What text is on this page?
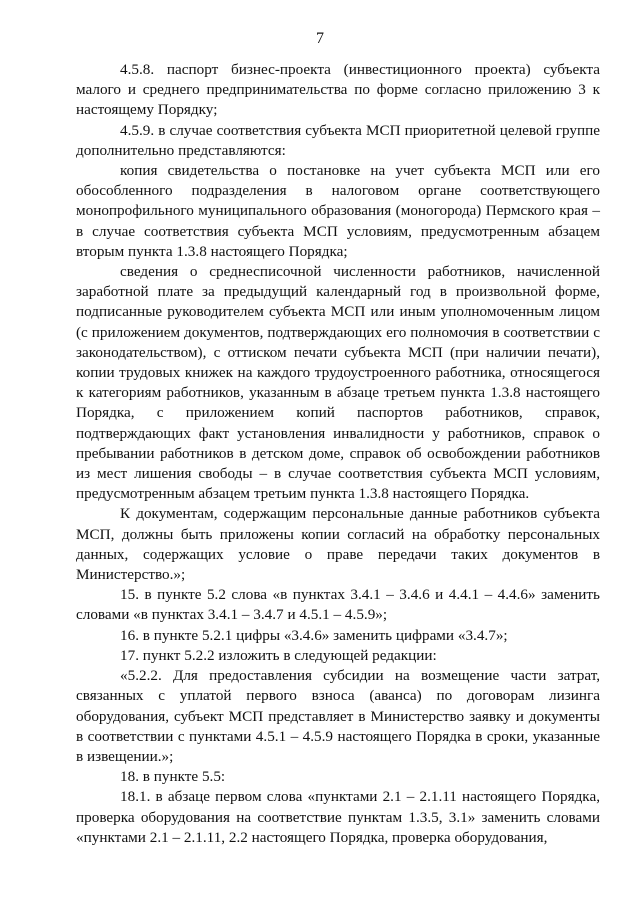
7

4.5.8. паспорт бизнес-проекта (инвестиционного проекта) субъекта малого и среднего предпринимательства по форме согласно приложению 3 к настоящему Порядку;

4.5.9. в случае соответствия субъекта МСП приоритетной целевой группе дополнительно представляются:

копия свидетельства о постановке на учет субъекта МСП или его обособленного подразделения в налоговом органе соответствующего монопрофильного муниципального образования (моногорода) Пермского края – в случае соответствия субъекта МСП условиям, предусмотренным абзацем вторым пункта 1.3.8 настоящего Порядка;

сведения о среднесписочной численности работников, начисленной заработной плате за предыдущий календарный год в произвольной форме, подписанные руководителем субъекта МСП или иным уполномоченным лицом (с приложением документов, подтверждающих его полномочия в соответствии с законодательством), с оттиском печати субъекта МСП (при наличии печати), копии трудовых книжек на каждого трудоустроенного работника, относящегося к категориям работников, указанным в абзаце третьем пункта 1.3.8 настоящего Порядка, с приложением копий паспортов работников, справок, подтверждающих факт установления инвалидности у работников, справок о пребывании работников в детском доме, справок об освобождении работников из мест лишения свободы – в случае соответствия субъекта МСП условиям, предусмотренным абзацем третьим пункта 1.3.8 настоящего Порядка.

К документам, содержащим персональные данные работников субъекта МСП, должны быть приложены копии согласий на обработку персональных данных, содержащих условие о праве передачи таких документов в Министерство.»;

15. в пункте 5.2 слова «в пунктах 3.4.1 – 3.4.6 и 4.4.1 – 4.4.6» заменить словами «в пунктах 3.4.1 – 3.4.7 и 4.5.1 – 4.5.9»;

16. в пункте 5.2.1 цифры «3.4.6» заменить цифрами «3.4.7»;

17. пункт 5.2.2 изложить в следующей редакции:

«5.2.2. Для предоставления субсидии на возмещение части затрат, связанных с уплатой первого взноса (аванса) по договорам лизинга оборудования, субъект МСП представляет в Министерство заявку и документы в соответствии с пунктами 4.5.1 – 4.5.9 настоящего Порядка в сроки, указанные в извещении.»;

18. в пункте 5.5:

18.1. в абзаце первом слова «пунктами 2.1 – 2.1.11 настоящего Порядка, проверка оборудования на соответствие пунктам 1.3.5, 3.1» заменить словами «пунктами 2.1 – 2.1.11, 2.2 настоящего Порядка, проверка оборудования,
